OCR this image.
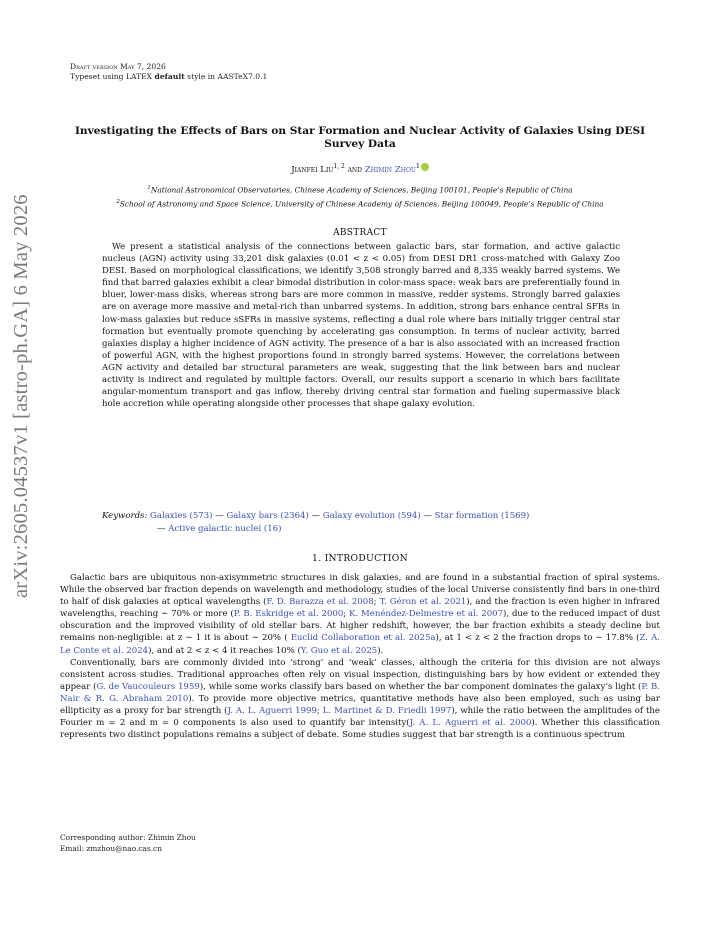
Draft version May 7, 2026
Typeset using LATEX default style in AASTeX7.0.1
arXiv:2605.04537v1 [astro-ph.GA] 6 May 2026
Investigating the Effects of Bars on Star Formation and Nuclear Activity of Galaxies Using DESI Survey Data
Jianfei Liu$^{1, 2}$ and Zhimin Zhou$^1$
$^1$National Astronomical Observatories, Chinese Academy of Sciences, Beijing 100101, People’s Republic of China
$^2$School of Astronomy and Space Science, University of Chinese Academy of Sciences, Beijing 100049, People’s Republic of China
ABSTRACT

We present a statistical analysis of the connections between galactic bars, star formation, and active galactic nucleus (AGN) activity using 33,201 disk galaxies (0.01 < z < 0.05) from DESI DR1 cross-matched with Galaxy Zoo DESI. Based on morphological classifications, we identify 3,508 strongly barred and 8,335 weakly barred systems. We find that barred galaxies exhibit a clear bimodal distribution in color-mass space: weak bars are preferentially found in bluer, lower-mass disks, whereas strong bars are more common in massive, redder systems. Strongly barred galaxies are on average more massive and metal-rich than unbarred systems. In addition, strong bars enhance central SFRs in low-mass galaxies but reduce sSFRs in massive systems, reflecting a dual role where bars initially trigger central star formation but eventually promote quenching by accelerating gas consumption. In terms of nuclear activity, barred galaxies display a higher incidence of AGN activity. The presence of a bar is also associated with an increased fraction of powerful AGN, with the highest proportions found in strongly barred systems. However, the correlations between AGN activity and detailed bar structural parameters are weak, suggesting that the link between bars and nuclear activity is indirect and regulated by multiple factors. Overall, our results support a scenario in which bars facilitate angular-momentum transport and gas inflow, thereby driving central star formation and fueling supermassive black hole accretion while operating alongside other processes that shape galaxy evolution.

Keywords: Galaxies (573) — Galaxy bars (2364) — Galaxy evolution (594) — Star formation (1569)
— Active galactic nuclei (16)
1. INTRODUCTION

Galactic bars are ubiquitous non-axisymmetric structures in disk galaxies, and are found in a substantial fraction of spiral systems. While the observed bar fraction depends on wavelength and methodology, studies of the local Universe consistently find bars in one-third to half of disk galaxies at optical wavelengths (F. D. Barazza et al. 2008; T. Géron et al. 2021), and the fraction is even higher in infrared wavelengths, reaching ∼ 70% or more (P. B. Eskridge et al. 2000; K. Menéndez-Delmestre et al. 2007), due to the reduced impact of dust obscuration and the improved visibility of old stellar bars. At higher redshift, however, the bar fraction exhibits a steady decline but remains non-negligible: at z ∼ 1 it is about ∼ 20% ( Euclid Collaboration et al. 2025a), at 1 < z < 2 the fraction drops to ∼ 17.8% (Z. A. Le Conte et al. 2024), and at 2 < z < 4 it reaches 10% (Y. Guo et al. 2025).

Conventionally, bars are commonly divided into ‘strong’ and ‘weak’ classes, although the criteria for this division are not always consistent across studies. Traditional approaches often rely on visual inspection, distinguishing bars by how evident or extended they appear (G. de Vaucouleurs 1959), while some works classify bars based on whether the bar component dominates the galaxy’s light (P. B. Nair & R. G. Abraham 2010). To provide more objective metrics, quantitative methods have also been employed, such as using bar ellipticity as a proxy for bar strength (J. A. L. Aguerri 1999; L. Martinet & D. Friedli 1997), while the ratio between the amplitudes of the Fourier m = 2 and m = 0 components is also used to quantify bar intensity(J. A. L. Aguerri et al. 2000). Whether this classification represents two distinct populations remains a subject of debate. Some studies suggest that bar strength is a continuous spectrum

Corresponding author: Zhimin Zhou
Email: zmzhou@nao.cas.cn
